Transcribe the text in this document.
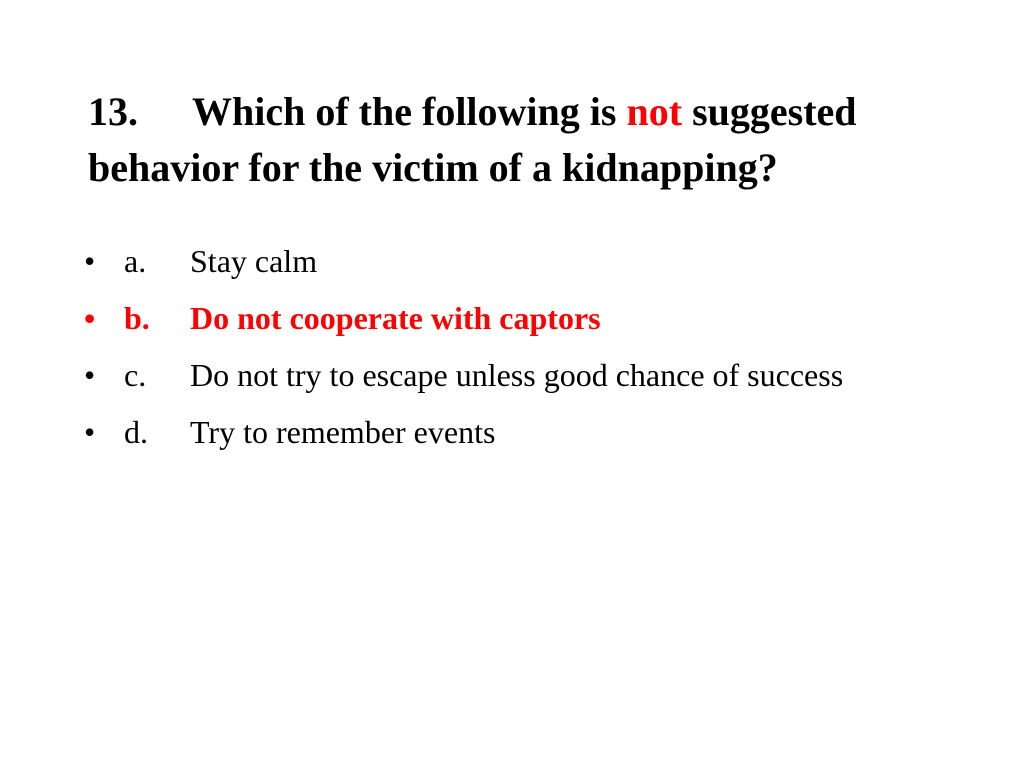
13. Which of the following is not suggested behavior for the victim of a kidnapping?
• a.	Stay calm
• b.	Do not cooperate with captors
• c.	Do not try to escape unless good chance of success
• d.	Try to remember events
